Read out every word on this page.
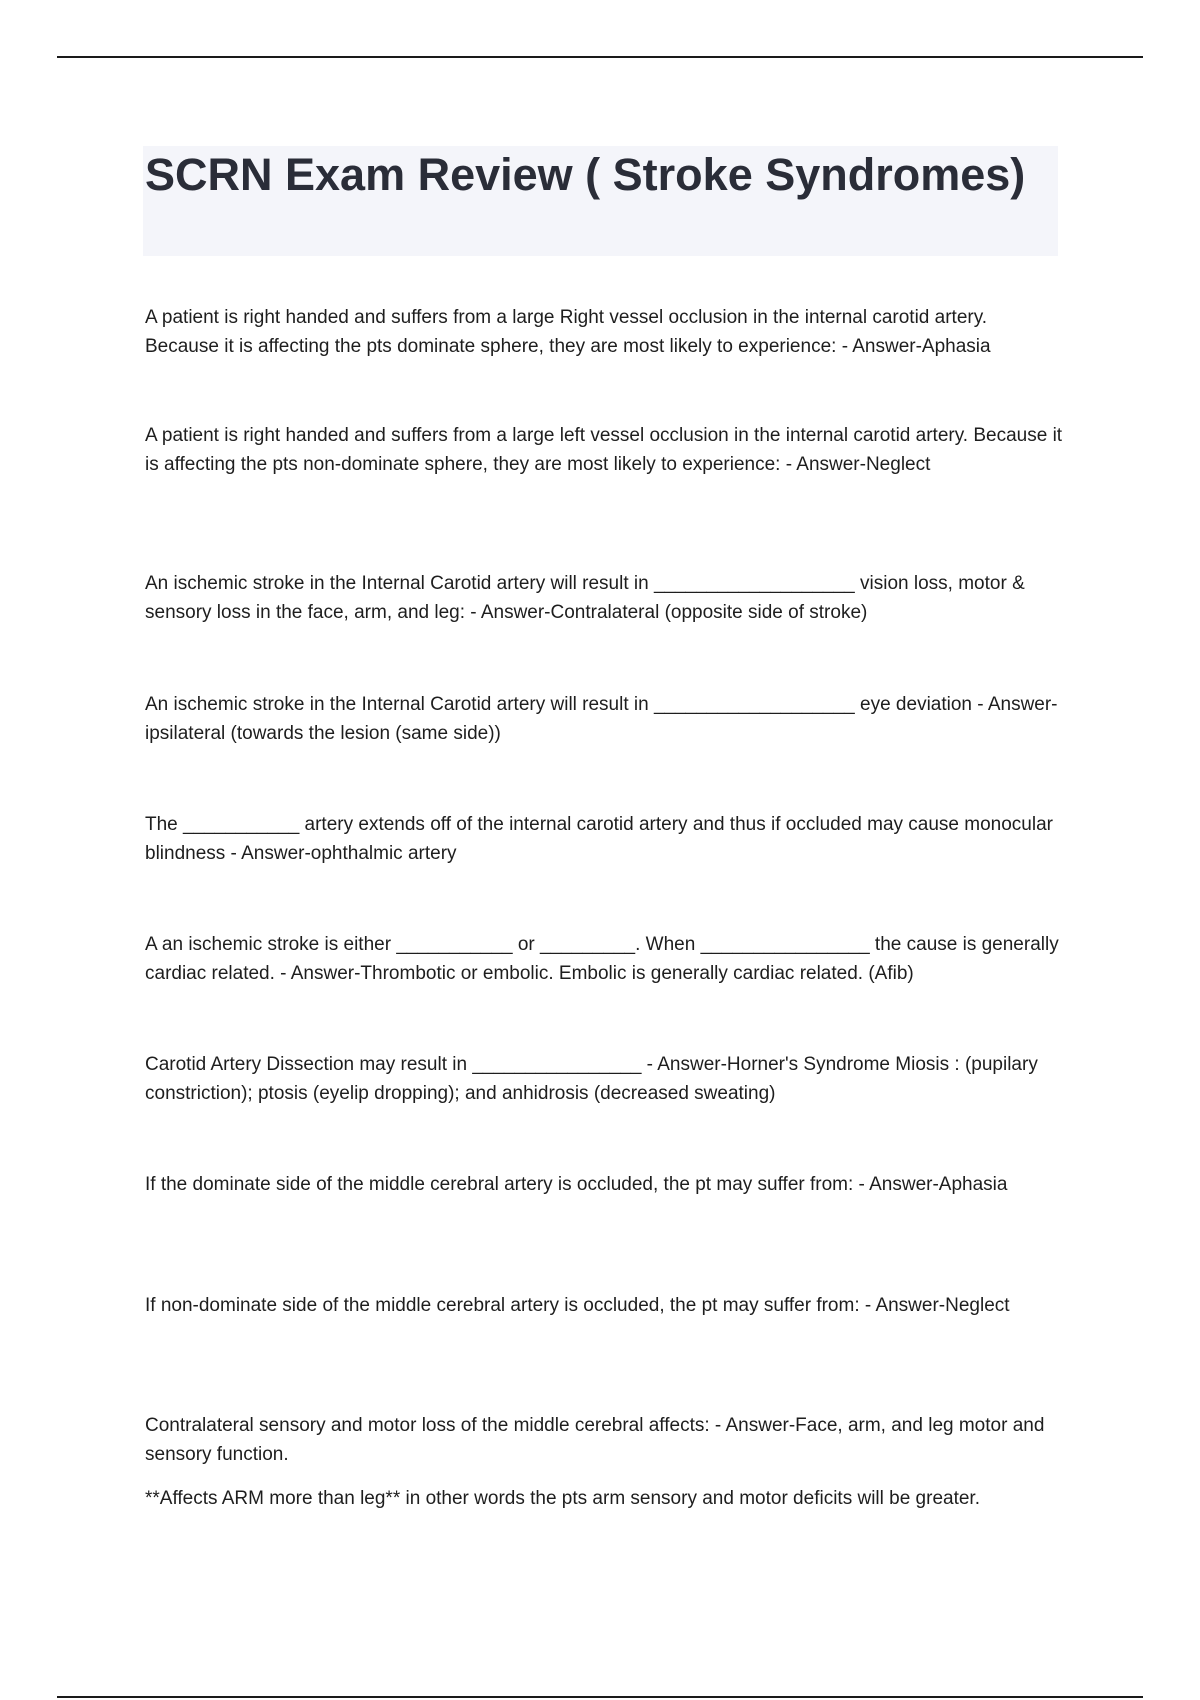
SCRN Exam Review ( Stroke Syndromes)

A patient is right handed and suffers from a large Right vessel occlusion in the internal carotid artery. Because it is affecting the pts dominate sphere, they are most likely to experience: - Answer-Aphasia

A patient is right handed and suffers from a large left vessel occlusion in the internal carotid artery. Because it is affecting the pts non-dominate sphere, they are most likely to experience: - Answer-Neglect

An ischemic stroke in the Internal Carotid artery will result in ___________________ vision loss, motor & sensory loss in the face, arm, and leg: - Answer-Contralateral (opposite side of stroke)

An ischemic stroke in the Internal Carotid artery will result in ___________________ eye deviation - Answer-ipsilateral (towards the lesion (same side))

The ___________ artery extends off of the internal carotid artery and thus if occluded may cause monocular blindness - Answer-ophthalmic artery

A an ischemic stroke is either ___________ or _________. When ________________ the cause is generally cardiac related. - Answer-Thrombotic or embolic. Embolic is generally cardiac related. (Afib)

Carotid Artery Dissection may result in ________________ - Answer-Horner's Syndrome Miosis : (pupilary constriction); ptosis (eyelip dropping); and anhidrosis (decreased sweating)

If the dominate side of the middle cerebral artery is occluded, the pt may suffer from: - Answer-Aphasia

If non-dominate side of the middle cerebral artery is occluded, the pt may suffer from: - Answer-Neglect

Contralateral sensory and motor loss of the middle cerebral affects: - Answer-Face, arm, and leg motor and sensory function.

**Affects ARM more than leg** in other words the pts arm sensory and motor deficits will be greater.
